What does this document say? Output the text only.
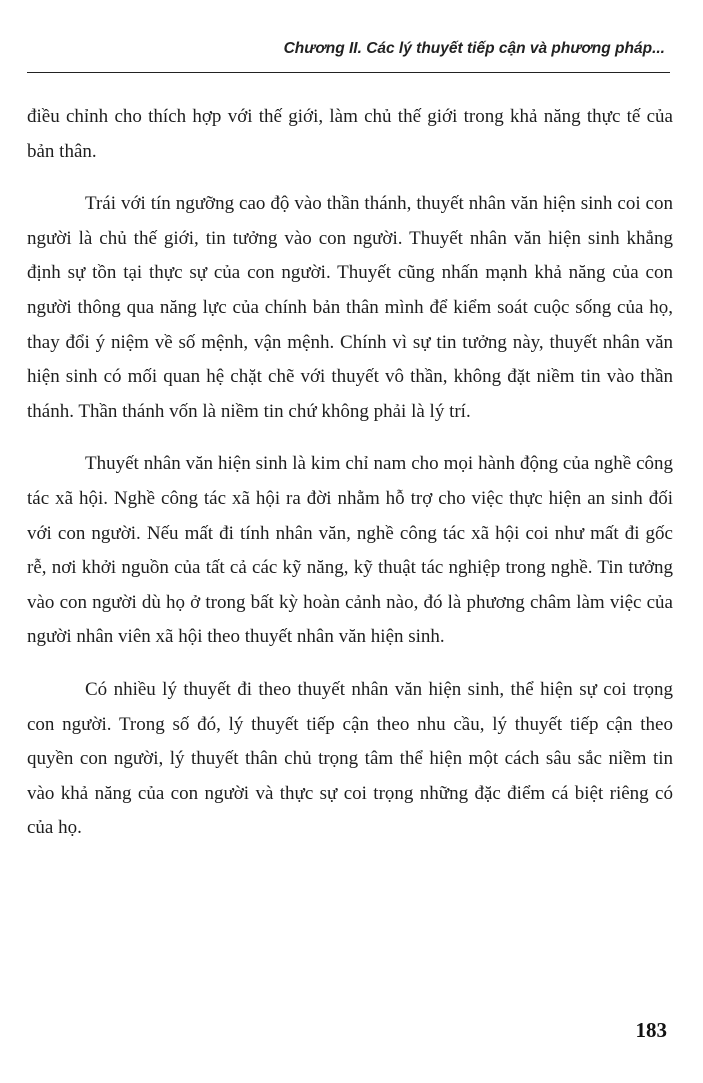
Chương II. Các lý thuyết tiếp cận và phương pháp...

điều chỉnh cho thích hợp với thế giới, làm chủ thế giới trong khả năng thực tế của bản thân.

Trái với tín ngưỡng cao độ vào thần thánh, thuyết nhân văn hiện sinh coi con người là chủ thế giới, tin tưởng vào con người. Thuyết nhân văn hiện sinh khẳng định sự tồn tại thực sự của con người. Thuyết cũng nhấn mạnh khả năng của con người thông qua năng lực của chính bản thân mình để kiểm soát cuộc sống của họ, thay đổi ý niệm về số mệnh, vận mệnh. Chính vì sự tin tưởng này, thuyết nhân văn hiện sinh có mối quan hệ chặt chẽ với thuyết vô thần, không đặt niềm tin vào thần thánh. Thần thánh vốn là niềm tin chứ không phải là lý trí.

Thuyết nhân văn hiện sinh là kim chỉ nam cho mọi hành động của nghề công tác xã hội. Nghề công tác xã hội ra đời nhằm hỗ trợ cho việc thực hiện an sinh đối với con người. Nếu mất đi tính nhân văn, nghề công tác xã hội coi như mất đi gốc rễ, nơi khởi nguồn của tất cả các kỹ năng, kỹ thuật tác nghiệp trong nghề. Tin tưởng vào con người dù họ ở trong bất kỳ hoàn cảnh nào, đó là phương châm làm việc của người nhân viên xã hội theo thuyết nhân văn hiện sinh.

Có nhiều lý thuyết đi theo thuyết nhân văn hiện sinh, thể hiện sự coi trọng con người. Trong số đó, lý thuyết tiếp cận theo nhu cầu, lý thuyết tiếp cận theo quyền con người, lý thuyết thân chủ trọng tâm thể hiện một cách sâu sắc niềm tin vào khả năng của con người và thực sự coi trọng những đặc điểm cá biệt riêng có của họ.

183
